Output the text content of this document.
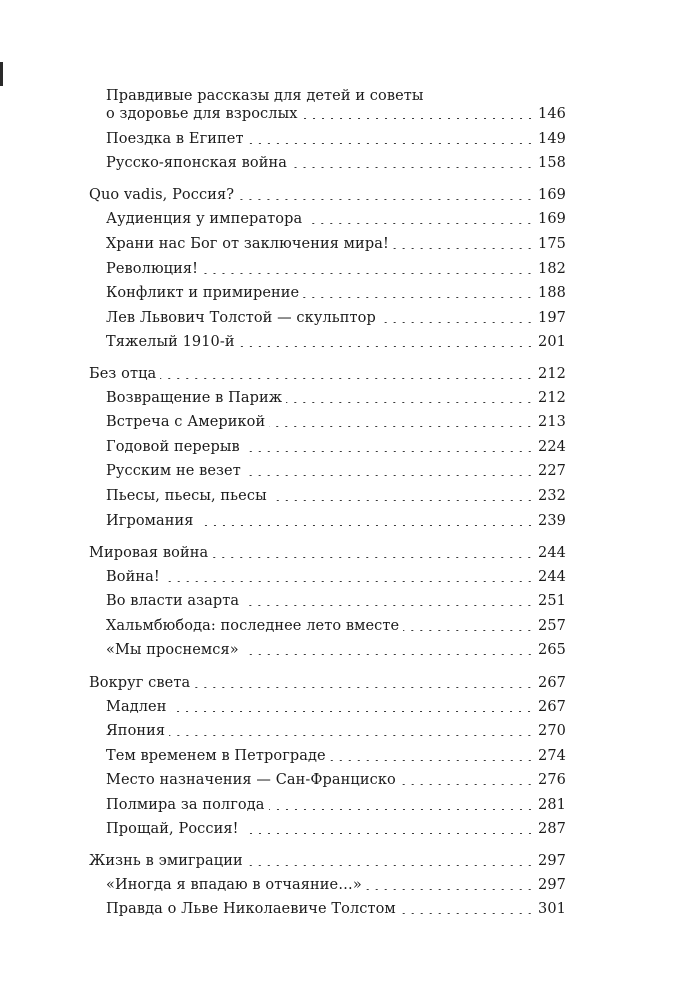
Правдивые рассказы для детей и советы
о здоровье для взрослых	146
Поездка в Египет	149
Русско-японская война	158
Quo vadis, Россия?	169
Аудиенция у императора	169
Храни нас Бог от заключения мира!	175
Революция!	182
Конфликт и примирение	188
Лев Львович Толстой — скульптор	197
Тяжелый 1910-й	201
Без отца	212
Возвращение в Париж	212
Встреча с Америкой	213
Годовой перерыв	224
Русским не везет	227
Пьесы, пьесы, пьесы	232
Игромания	239
Мировая война	244
Война!	244
Во власти азарта	251
Хальмбюбода: последнее лето вместе	257
«Мы проснемся»	265
Вокруг света	267
Мадлен	267
Япония	270
Тем временем в Петрограде	274
Место назначения — Сан-Франциско	276
Полмира за полгода	281
Прощай, Россия!	287
Жизнь в эмиграции	297
«Иногда я впадаю в отчаяние…»	297
Правда о Льве Николаевиче Толстом	301
